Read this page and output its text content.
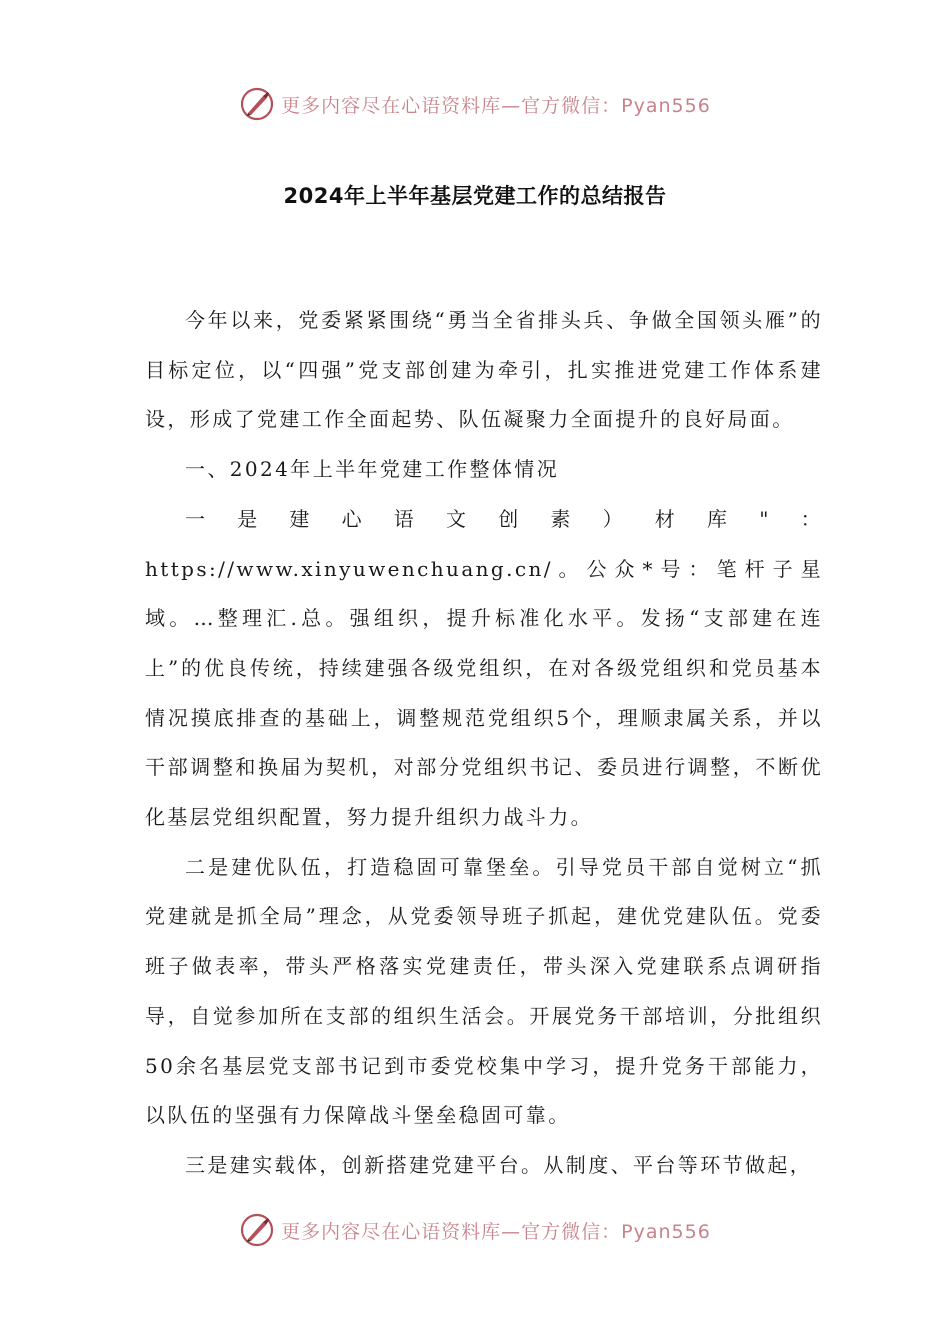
更多内容尽在心语资料库—官方微信：Pyan556
2024年上半年基层党建工作的总结报告

今年以来，党委紧紧围绕“勇当全省排头兵、争做全国领头雁”的目标定位，以“四强”党支部创建为牵引，扎实推进党建工作体系建设，形成了党建工作全面起势、队伍凝聚力全面提升的良好局面。

一、2024年上半年党建工作整体情况

一是建心语文创素）材库"：https://www.xinyuwenchuang.cn/。公众*号：笔杆子星域。…整理汇.总。强组织，提升标准化水平。发扬“支部建在连上”的优良传统，持续建强各级党组织，在对各级党组织和党员基本情况摸底排查的基础上，调整规范党组织5个，理顺隶属关系，并以干部调整和换届为契机，对部分党组织书记、委员进行调整，不断优化基层党组织配置，努力提升组织力战斗力。

二是建优队伍，打造稳固可靠堡垒。引导党员干部自觉树立“抓党建就是抓全局”理念，从党委领导班子抓起，建优党建队伍。党委班子做表率，带头严格落实党建责任，带头深入党建联系点调研指导，自觉参加所在支部的组织生活会。开展党务干部培训，分批组织50余名基层党支部书记到市委党校集中学习，提升党务干部能力，以队伍的坚强有力保障战斗堡垒稳固可靠。

三是建实载体，创新搭建党建平台。从制度、平台等环节做起，

更多内容尽在心语资料库—官方微信：Pyan556
